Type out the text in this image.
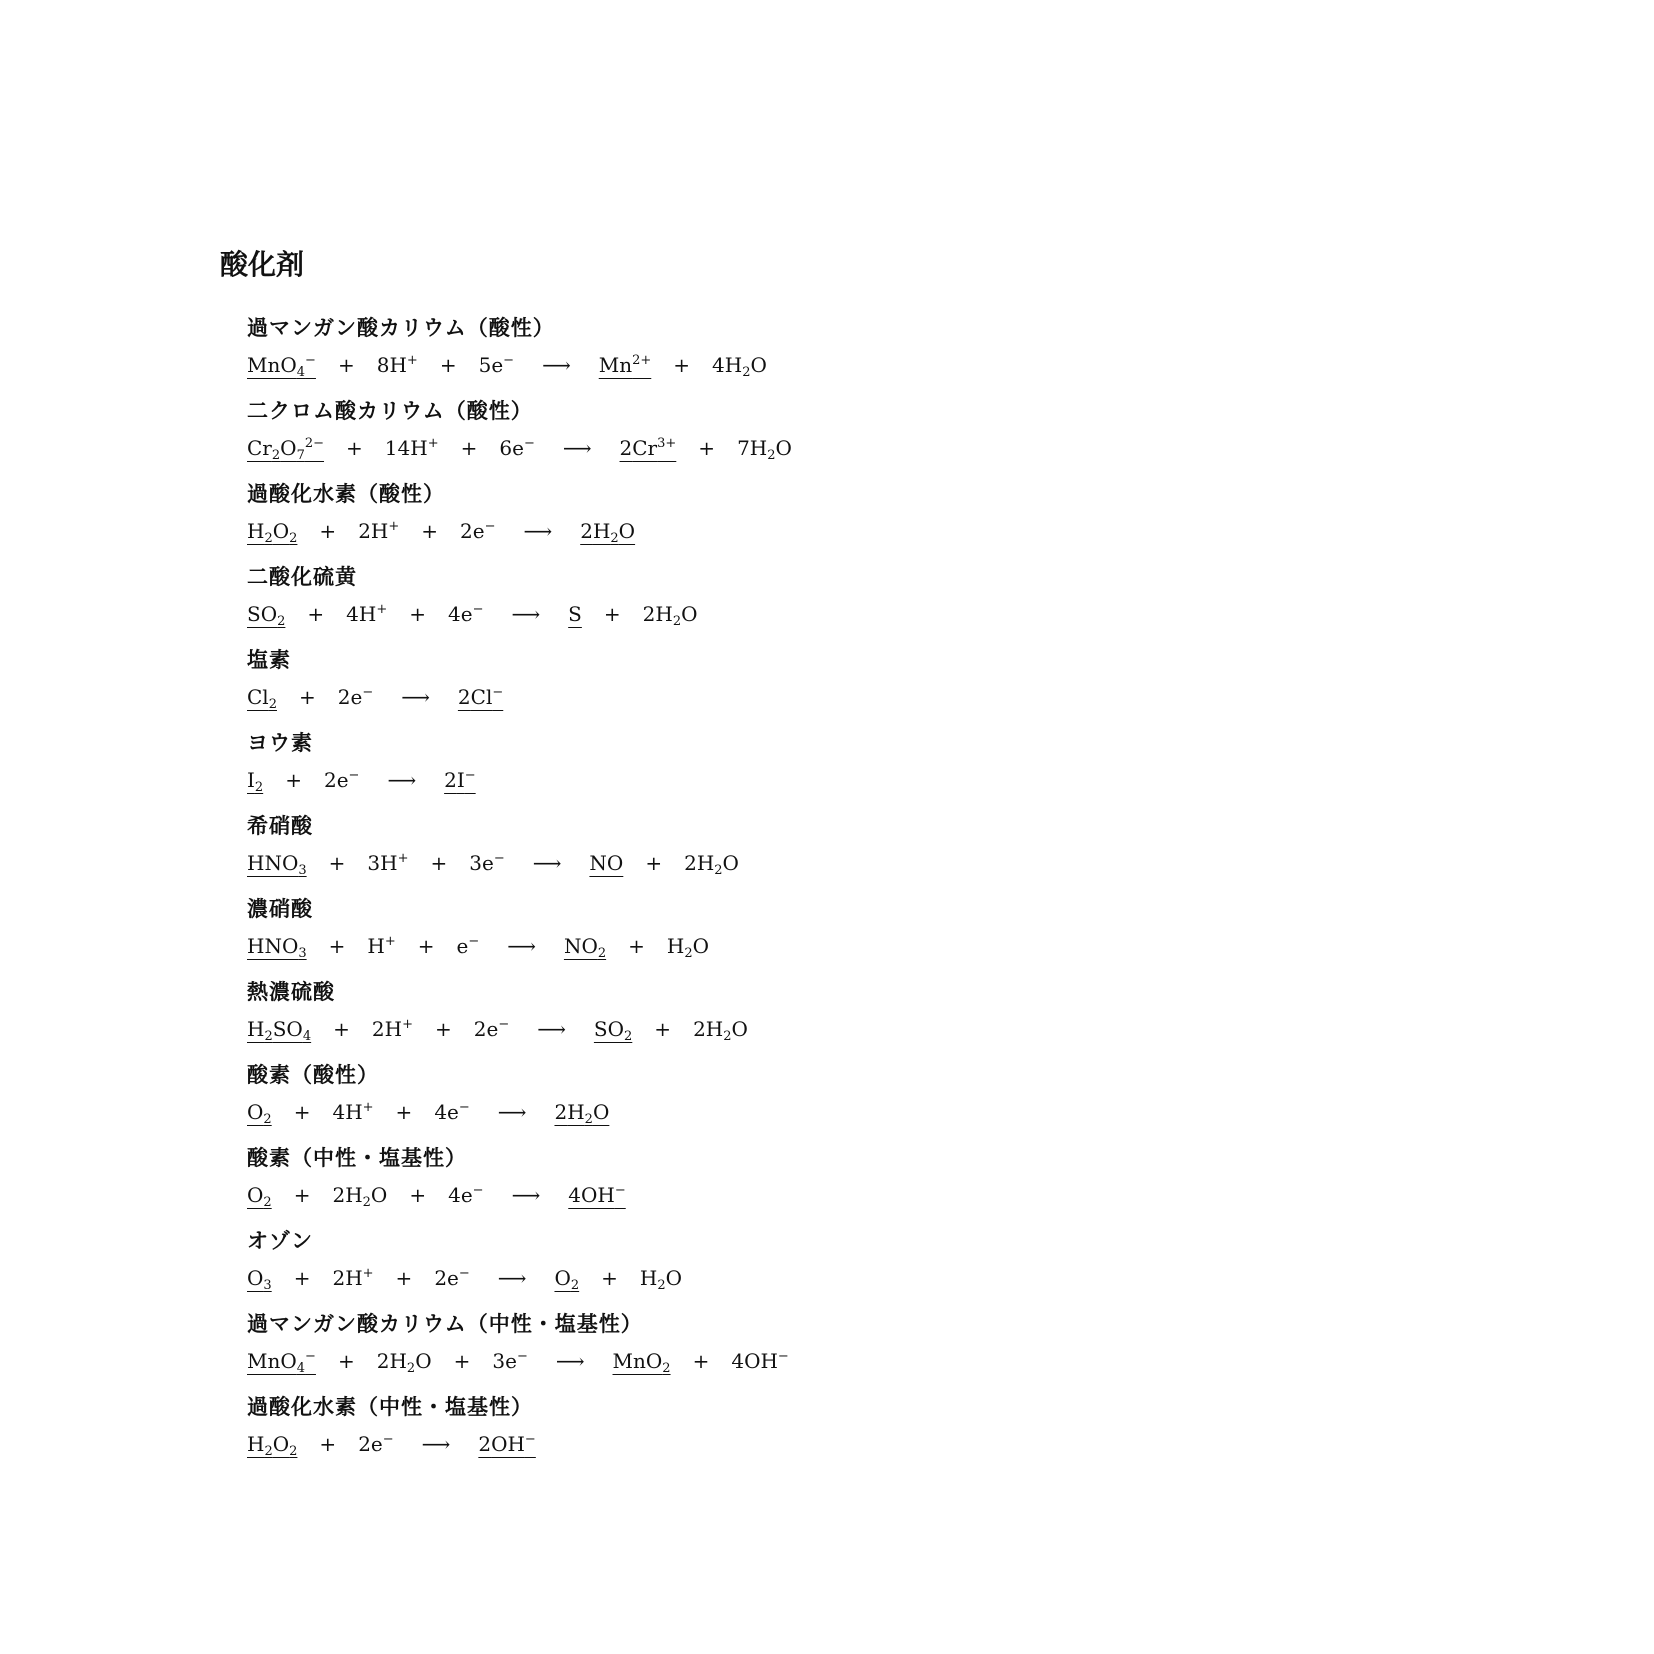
酸化剤
過マンガン酸カリウム（酸性）
MnO$_4$− + 8H+ + 5e− ⟶ $Mn^{2+} + 4H_2O$
二クロム酸カリウム（酸性）
$Cr_2O_7^{2-} + 14H^+ + 6e^-$ ⟶ $2Cr^{3+} + 7H_2O$
過酸化水素（酸性）
$H_2O_2 + 2H^+ + 2e^-$ ⟶ $2H_2O$
二酸化硫黄
$SO_2 + 4H^+ + 4e^-$ ⟶ $S + 2H_2O$
塩素
$Cl_2 + 2e^-$ ⟶ 2Cl−
ヨウ素
$I_2 + 2e^-$ ⟶ 2I−
希硝酸
$HNO_3 + 3H^+ + 3e^-$ ⟶ NO + $2H_2O$
濃硝酸
$HNO_3 + H^+ + e^-$ ⟶ $NO_2 + H_2O$
熱濃硫酸
$H_2SO_4 + 2H^+ + 2e^-$ ⟶ $SO_2 + 2H_2O$
酸素（酸性）
$O_2 + 4H^+ + 4e^-$ ⟶ $2H_2O$
酸素（中性・塩基性）
$O_2 + 2H_2O + 4e^-$ ⟶ 4OH−
オゾン
$O_3 + 2H^+ + 2e^-$ ⟶ $O_2 + H_2O$
過マンガン酸カリウム（中性・塩基性）
$MnO_4^- + 2H_2O + 3e^-$ ⟶ MnO$_2$ + 4OH−
過酸化水素（中性・塩基性）
$H_2O_2 + 2e^-$ ⟶ 2OH−
